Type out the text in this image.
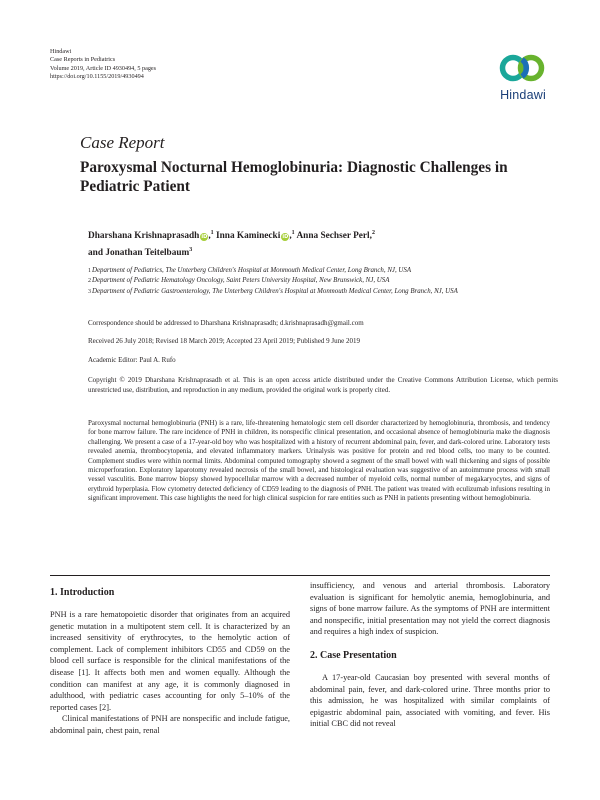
Hindawi
Case Reports in Pediatrics
Volume 2019, Article ID 4930494, 5 pages
https://doi.org/10.1155/2019/4930494
Hindawi
Case Report
Paroxysmal Nocturnal Hemoglobinuria: Diagnostic Challenges in Pediatric Patient
Dharshana Krishnaprasadh iD,$^1$ Inna Kaminecki iD,$^1$ Anna Sechser Perl,$^2$
and Jonathan Teitelbaum$^3$
1 Department of Pediatrics, The Unterberg Children's Hospital at Monmouth Medical Center, Long Branch, NJ, USA
2 Department of Pediatric Hematology Oncology, Saint Peters University Hospital, New Brunswick, NJ, USA
3 Department of Pediatric Gastroenterology, The Unterberg Children's Hospital at Monmouth Medical Center, Long Branch, NJ, USA
Correspondence should be addressed to Dharshana Krishnaprasadh; d.krishnaprasadh@gmail.com
Received 26 July 2018; Revised 18 March 2019; Accepted 23 April 2019; Published 9 June 2019
Academic Editor: Paul A. Rufo
Copyright © 2019 Dharshana Krishnaprasadh et al. This is an open access article distributed under the Creative Commons Attribution License, which permits unrestricted use, distribution, and reproduction in any medium, provided the original work is properly cited.
Paroxysmal nocturnal hemoglobinuria (PNH) is a rare, life-threatening hematologic stem cell disorder characterized by hemoglobinuria, thrombosis, and tendency for bone marrow failure. The rare incidence of PNH in children, its nonspecific clinical presentation, and occasional absence of hemoglobinuria make the diagnosis challenging. We present a case of a 17-year-old boy who was hospitalized with a history of recurrent abdominal pain, fever, and dark-colored urine. Laboratory tests revealed anemia, thrombocytopenia, and elevated inflammatory markers. Urinalysis was positive for protein and red blood cells, too many to be counted. Complement studies were within normal limits. Abdominal computed tomography showed a segment of the small bowel with wall thickening and signs of possible microperforation. Exploratory laparotomy revealed necrosis of the small bowel, and histological evaluation was suggestive of an autoimmune process with small vessel vasculitis. Bone marrow biopsy showed hypocellular marrow with a decreased number of myeloid cells, normal number of megakaryocytes, and signs of erythroid hyperplasia. Flow cytometry detected deficiency of CD59 leading to the diagnosis of PNH. The patient was treated with eculizumab infusions resulting in significant improvement. This case highlights the need for high clinical suspicion for rare entities such as PNH in patients presenting without hemoglobinuria.
1. Introduction

PNH is a rare hematopoietic disorder that originates from an acquired genetic mutation in a multipotent stem cell. It is characterized by an increased sensitivity of erythrocytes, to the hemolytic action of complement. Lack of complement inhibitors CD55 and CD59 on the blood cell surface is responsible for the clinical manifestations of the disease [1]. It affects both men and women equally. Although the condition can manifest at any age, it is commonly diagnosed in adulthood, with pediatric cases accounting for only 5–10% of the reported cases [2].

Clinical manifestations of PNH are nonspecific and include fatigue, abdominal pain, chest pain, renal

insufficiency, and venous and arterial thrombosis. Laboratory evaluation is significant for hemolytic anemia, hemoglobinuria, and signs of bone marrow failure. As the symptoms of PNH are intermittent and nonspecific, initial presentation may not yield the correct diagnosis and requires a high index of suspicion.

2. Case Presentation

A 17-year-old Caucasian boy presented with several months of abdominal pain, fever, and dark-colored urine. Three months prior to this admission, he was hospitalized with similar complaints of epigastric abdominal pain, associated with vomiting, and fever. His initial CBC did not reveal
